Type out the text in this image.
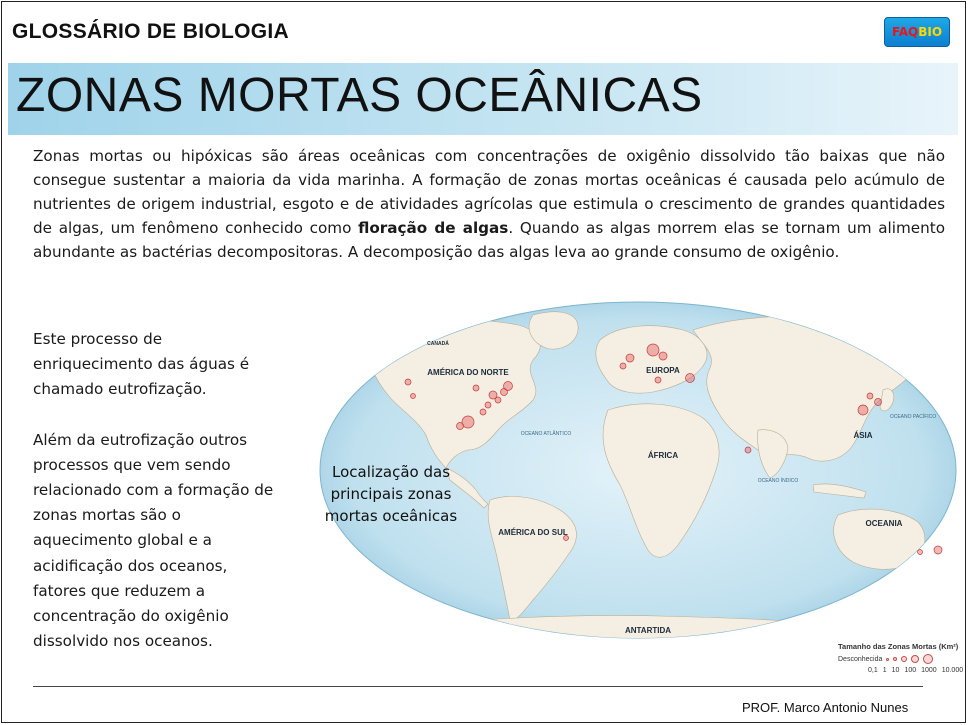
GLOSSÁRIO DE BIOLOGIA	FAQ BIO
ZONAS MORTAS OCEÂNICAS
Zonas mortas ou hipóxicas são áreas oceânicas com concentrações de oxigênio dissolvido tão baixas que não consegue sustentar a maioria da vida marinha. A formação de zonas mortas oceânicas é causada pelo acúmulo de nutrientes de origem industrial, esgoto e de atividades agrícolas que estimula o crescimento de grandes quantidades de algas, um fenômeno conhecido como floração de algas. Quando as algas morrem elas se tornam um alimento abundante as bactérias decompositoras. A decomposição das algas leva ao grande consumo de oxigênio.

Este processo de enriquecimento das águas é chamado eutrofização.

Além da eutrofização outros processos que vem sendo relacionado com a formação de zonas mortas são o aquecimento global e a acidificação dos oceanos, fatores que reduzem a concentração do oxigênio dissolvido nos oceanos.

AMÉRICA DO NORTE
CANADÁ
AMÉRICA DO SUL
EUROPA
ÁFRICA
ÁSIA
OCEANIA
ANTARTIDA
OCEANO ATLÂNTICO
OCEANO PACÍFICO
OCEANO ÍNDICO
Localização das principais zonas mortas oceânicas
Tamanho das Zonas Mortas (Km²)
Desconhecida
0,1 1 10 100 1000 10.000
PROF. Marco Antonio Nunes
